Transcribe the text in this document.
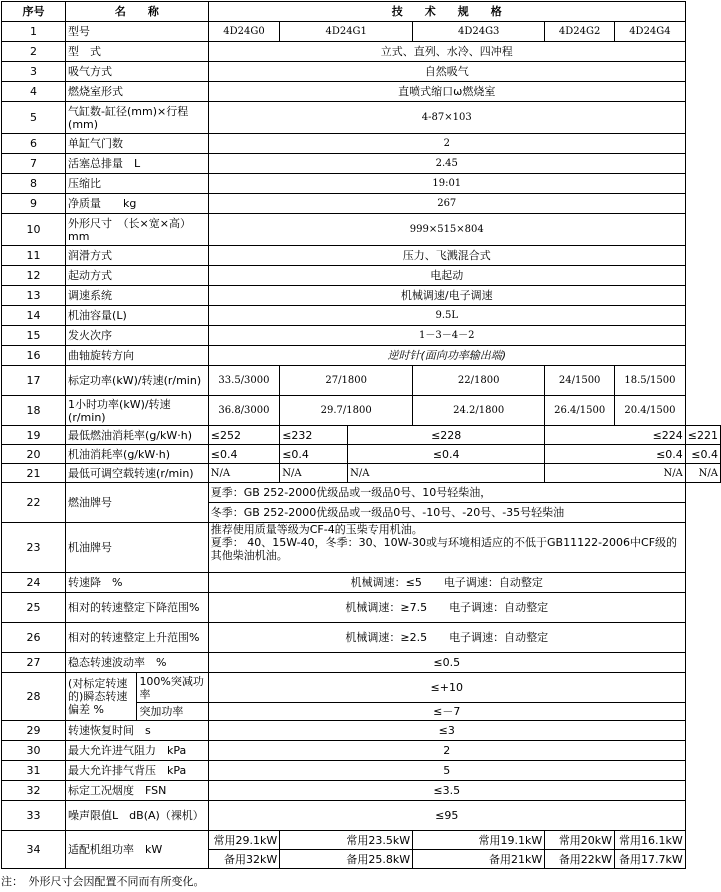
序号	名　　称		技　　术　　规　　格						
1	型号		4D24G0	4D24G1		4D24G3	4D24G2	4D24G4	
2	型　式		立式、直列、水冷、四冲程						
3	吸气方式		自然吸气						
4	燃烧室形式		直喷式缩口ω燃烧室						
5	气缸数-缸径(mm)×行程(mm)		4-87×103						
6	单缸气门数		2						
7	活塞总排量　L		2.45						
8	压缩比		19:01						
9	净质量　　kg		267						
10	外形尺寸　（长×宽×高）　mm		999×515×804						
11	润滑方式		压力、飞溅混合式						
12	起动方式		电起动						
13	调速系统		机械调速/电子调速						
14	机油容量(L)		9.5L						
15	发火次序		1－3－4－2						
16	曲轴旋转方向		逆时针(面向功率输出端)						
17	标定功率(kW)/转速(r/min)		33.5/3000	27/1800		22/1800	24/1500	18.5/1500	
18	1小时功率(kW)/转速(r/min)		36.8/3000	29.7/1800		24.2/1800	26.4/1500	20.4/1500	
19	最低燃油消耗率(g/kW·h)		≤252	≤232	≤228		≤224		≤221
20	机油消耗率(g/kW·h)		≤0.4	≤0.4	≤0.4		≤0.4		≤0.4
21	最低可调空载转速(r/min)		N/A	N/A	N/A		N/A		N/A
22	燃油牌号		夏季：GB 252-2000优级品或一级品0号、10号轻柴油，
冬季：GB 252-2000优级品或一级品0号、-10号、-20号、-35号轻柴油						

23	机油牌号		推荐使用质量等级为CF-4的玉柴专用机油。
夏季： 40、15W-40，冬季：30、10W-30或与环境相适应的不低于GB11122-2006中CF级的其他柴油机油。						

24	转速降　%		机械调速：≤5　　电子调速：自动整定						
25	相对的转速整定下降范围%		机械调速：≥7.5　　电子调速：自动整定						
26	相对的转速整定上升范围%		机械调速：≥2.5　　电子调速：自动整定						
27	稳态转速波动率　%		≤0.5						
28	(对标定转速的)瞬态转速偏差 %	100%突减功率	≤+10						
		突加功率	≤－7						
29	转速恢复时间　s		≤3						
30	最大允许进气阻力　kPa		2						
31	最大允许排气背压　kPa		5						
32	标定工况烟度　FSN		≤3.5						
33	噪声限值L　dB(A)（裸机）		≤95						
34	适配机组功率　kW		常用29.1kW	常用23.5kW		常用19.1kW	常用20kW	常用16.1kW	
			备用32kW	备用25.8kW		备用21kW	备用22kW	备用17.7kW	
注：　外形尺寸会因配置不同而有所变化。
